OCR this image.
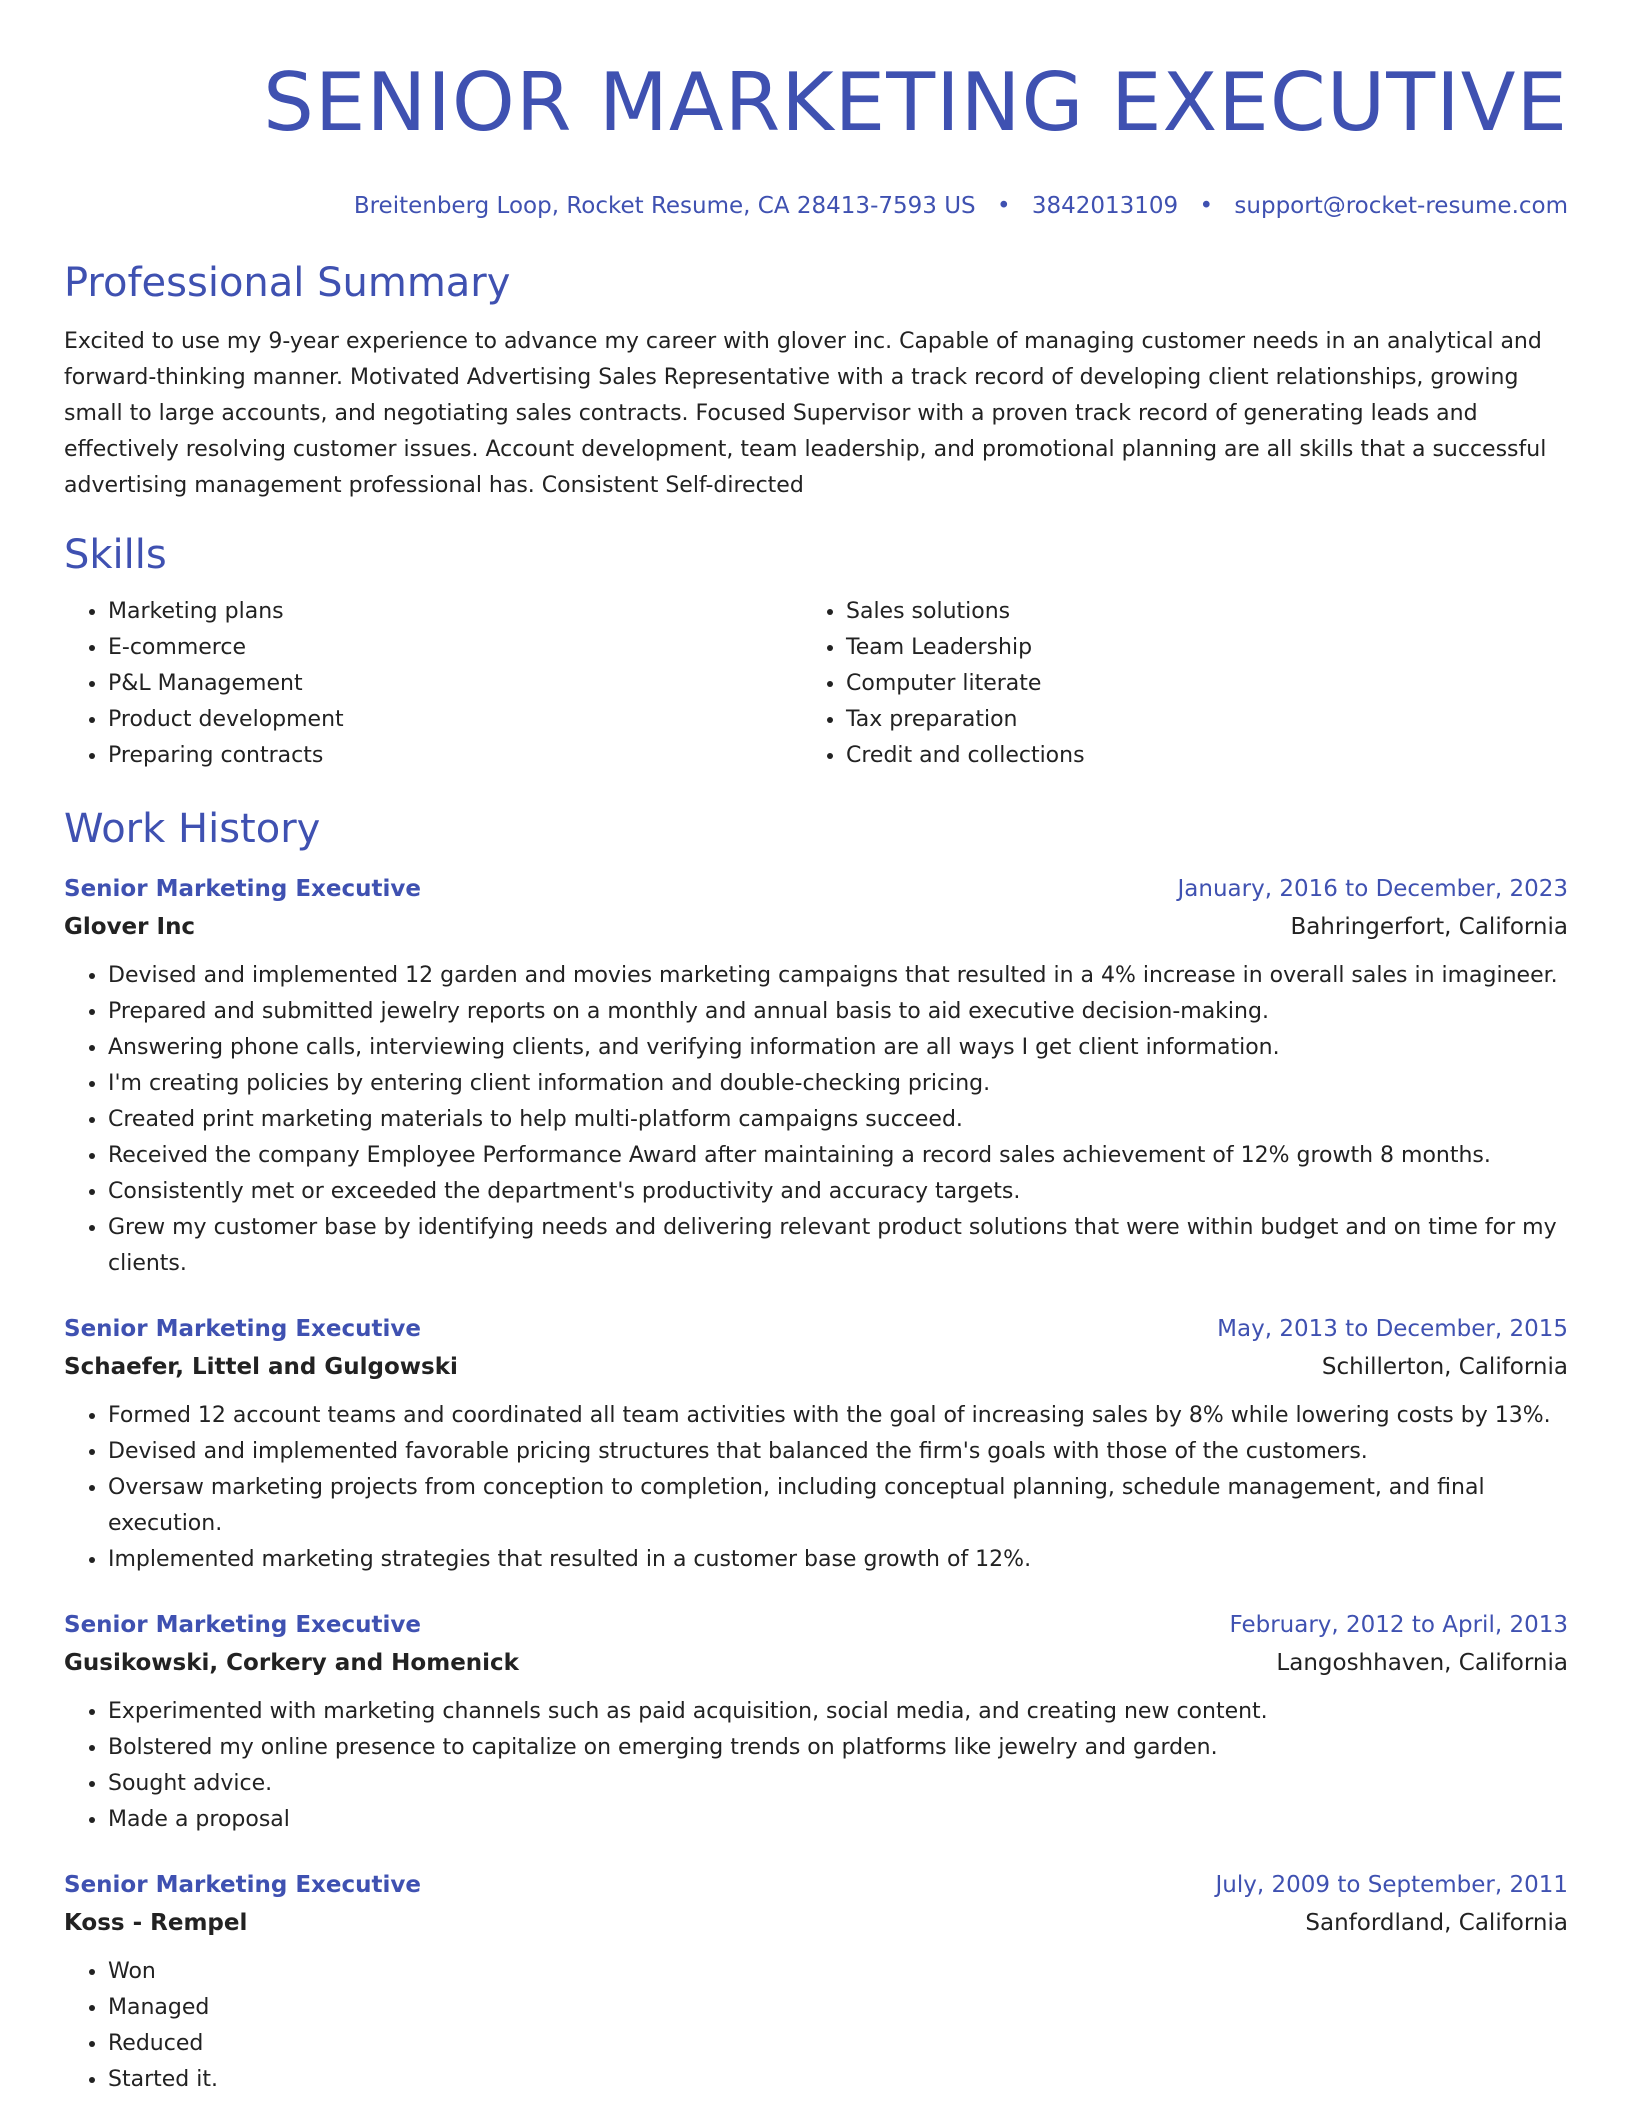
SENIOR MARKETING EXECUTIVE
Breitenberg Loop, Rocket Resume, CA 28413-7593 US • 3842013109 • support@rocket-resume.com
Professional Summary

Excited to use my 9-year experience to advance my career with glover inc. Capable of managing customer needs in an analytical and forward-thinking manner. Motivated Advertising Sales Representative with a track record of developing client relationships, growing small to large accounts, and negotiating sales contracts. Focused Supervisor with a proven track record of generating leads and effectively resolving customer issues. Account development, team leadership, and promotional planning are all skills that a successful advertising management professional has. Consistent Self-directed

Skills
• Marketing plans
• E-commerce
• P&L Management
• Product development
• Preparing contracts
• Sales solutions
• Team Leadership
• Computer literate
• Tax preparation
• Credit and collections
Work History
Senior Marketing Executive	January, 2016 to December, 2023
Glover Inc	Bahringerfort, California
• Devised and implemented 12 garden and movies marketing campaigns that resulted in a 4% increase in overall sales in imagineer.
• Prepared and submitted jewelry reports on a monthly and annual basis to aid executive decision-making.
• Answering phone calls, interviewing clients, and verifying information are all ways I get client information.
• I'm creating policies by entering client information and double-checking pricing.
• Created print marketing materials to help multi-platform campaigns succeed.
• Received the company Employee Performance Award after maintaining a record sales achievement of 12% growth 8 months.
• Consistently met or exceeded the department's productivity and accuracy targets.
• Grew my customer base by identifying needs and delivering relevant product solutions that were within budget and on time for my clients.
Senior Marketing Executive	May, 2013 to December, 2015
Schaefer, Littel and Gulgowski	Schillerton, California
• Formed 12 account teams and coordinated all team activities with the goal of increasing sales by 8% while lowering costs by 13%.
• Devised and implemented favorable pricing structures that balanced the firm's goals with those of the customers.
• Oversaw marketing projects from conception to completion, including conceptual planning, schedule management, and final execution.
• Implemented marketing strategies that resulted in a customer base growth of 12%.
Senior Marketing Executive	February, 2012 to April, 2013
Gusikowski, Corkery and Homenick	Langoshhaven, California
• Experimented with marketing channels such as paid acquisition, social media, and creating new content.
• Bolstered my online presence to capitalize on emerging trends on platforms like jewelry and garden.
• Sought advice.
• Made a proposal
Senior Marketing Executive	July, 2009 to September, 2011
Koss - Rempel	Sanfordland, California
• Won
• Managed
• Reduced
• Started it.
